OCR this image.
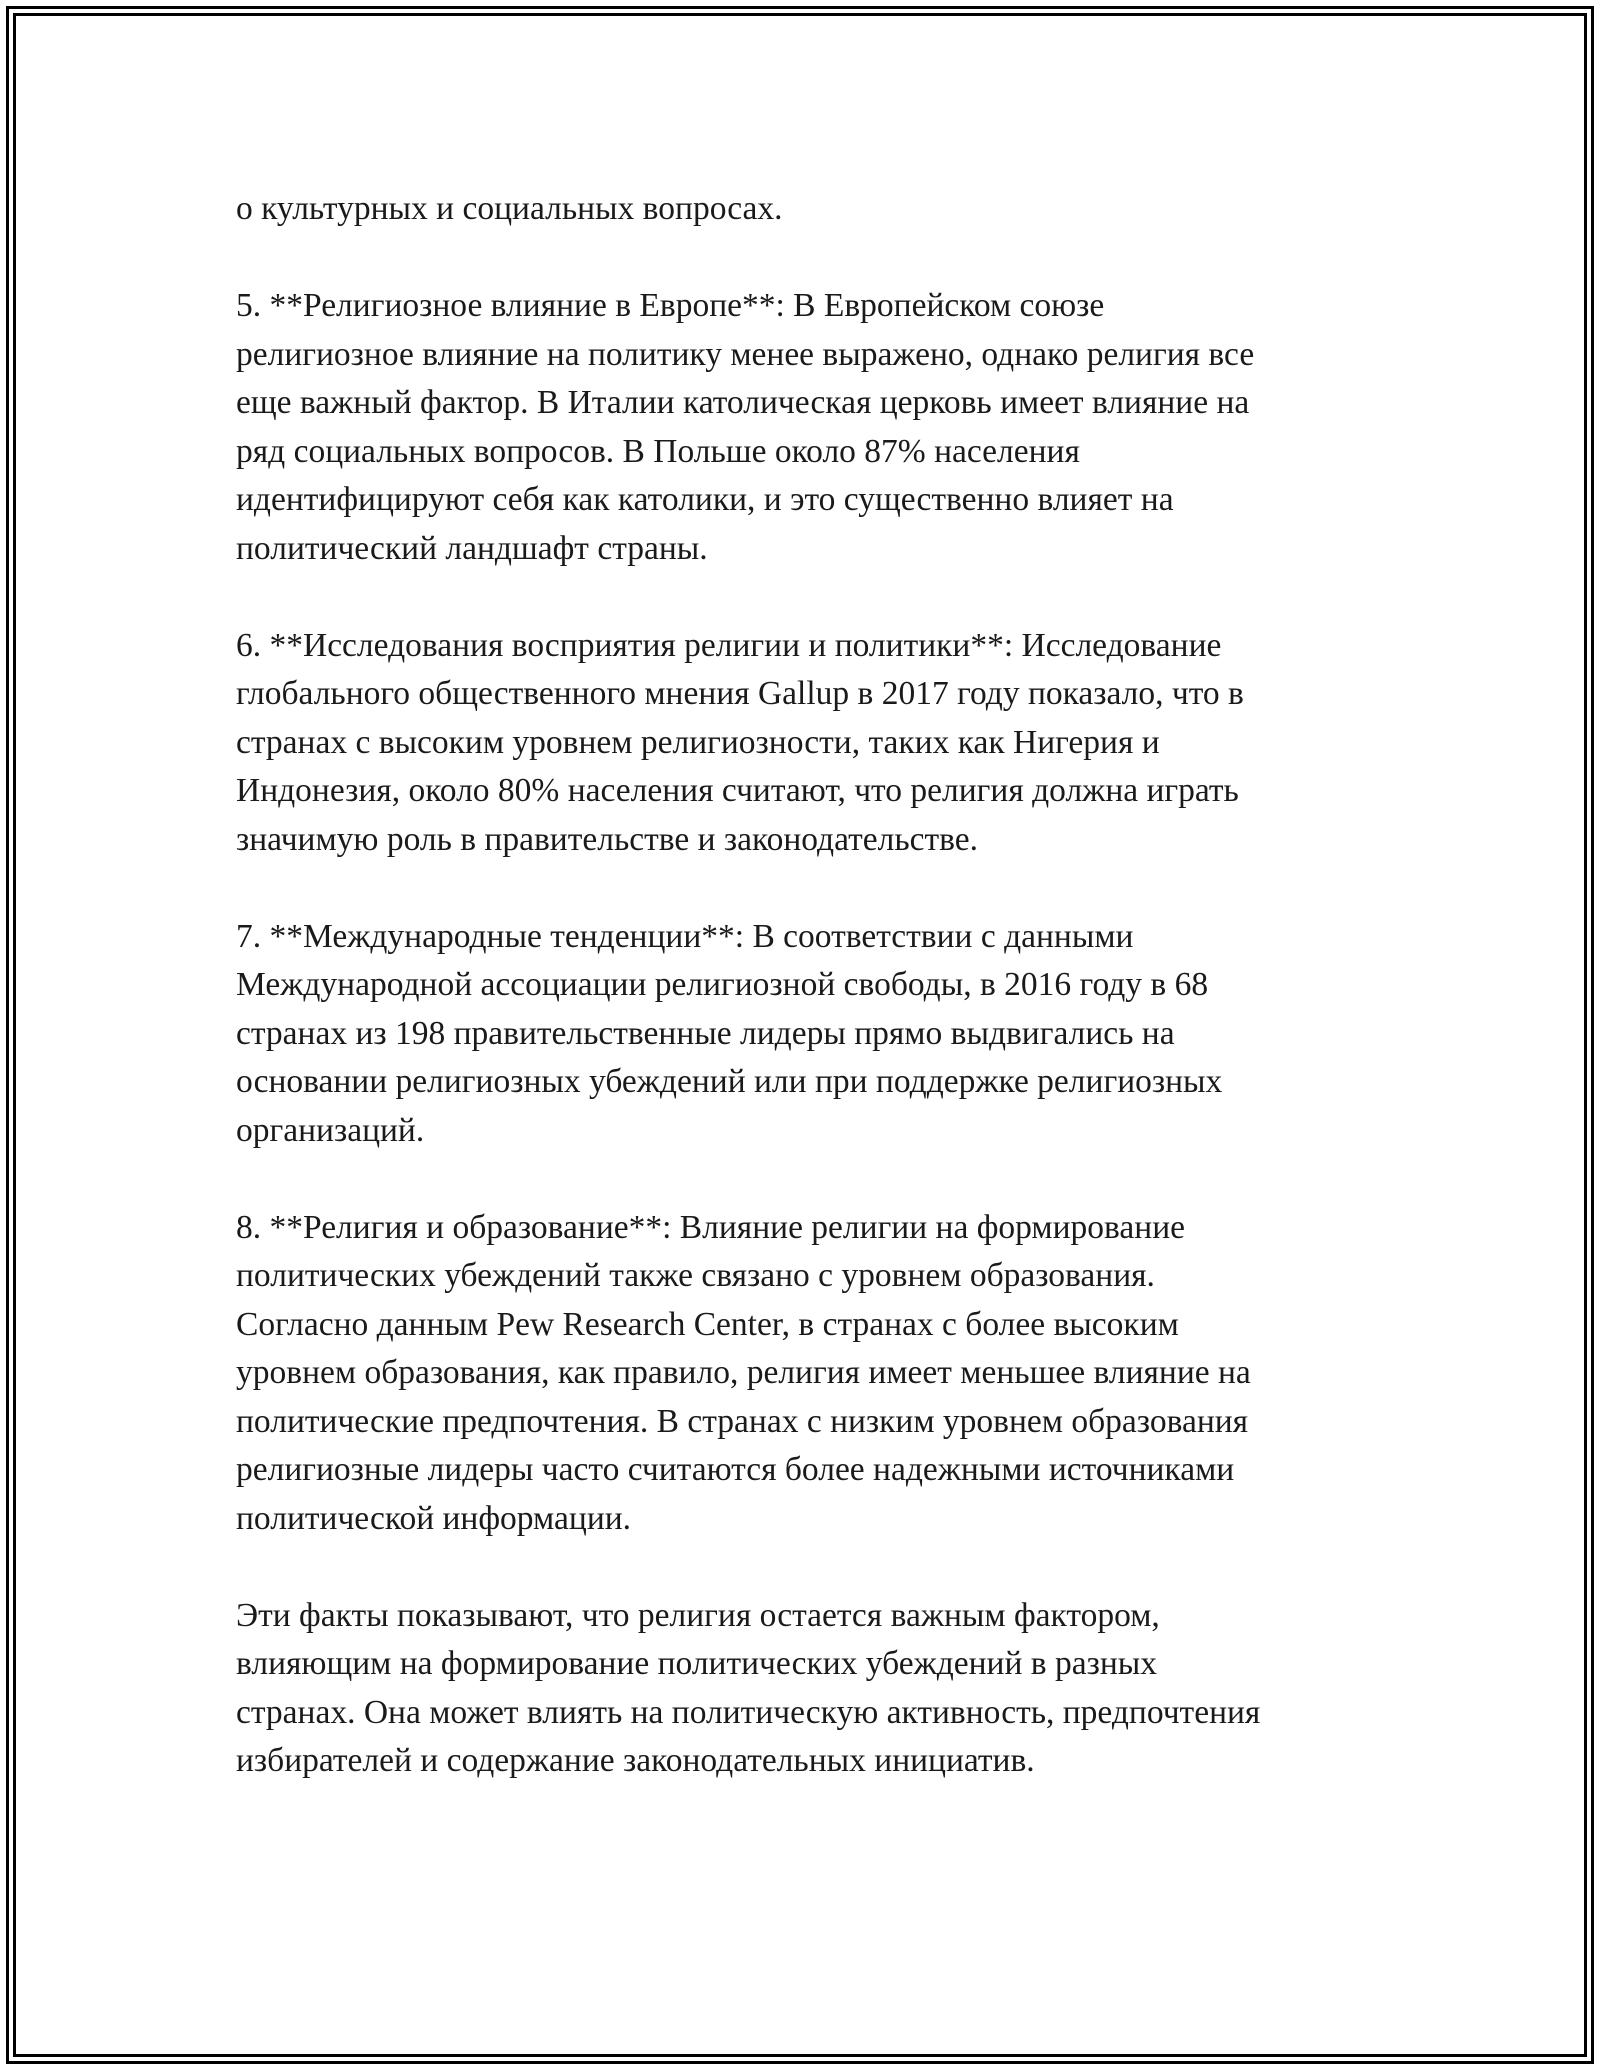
о культурных и социальных вопросах.

5. **Религиозное влияние в Европе**: В Европейском союзе
религиозное влияние на политику менее выражено, однако религия все
еще важный фактор. В Италии католическая церковь имеет влияние на
ряд социальных вопросов. В Польше около 87% населения
идентифицируют себя как католики, и это существенно влияет на
политический ландшафт страны.

6. **Исследования восприятия религии и политики**: Исследование
глобального общественного мнения Gallup в 2017 году показало, что в
странах с высоким уровнем религиозности, таких как Нигерия и
Индонезия, около 80% населения считают, что религия должна играть
значимую роль в правительстве и законодательстве.

7. **Международные тенденции**: В соответствии с данными
Международной ассоциации религиозной свободы, в 2016 году в 68
странах из 198 правительственные лидеры прямо выдвигались на
основании религиозных убеждений или при поддержке религиозных
организаций.

8. **Религия и образование**: Влияние религии на формирование
политических убеждений также связано с уровнем образования.
Согласно данным Pew Research Center, в странах с более высоким
уровнем образования, как правило, религия имеет меньшее влияние на
политические предпочтения. В странах с низким уровнем образования
религиозные лидеры часто считаются более надежными источниками
политической информации.

Эти факты показывают, что религия остается важным фактором,
влияющим на формирование политических убеждений в разных
странах. Она может влиять на политическую активность, предпочтения
избирателей и содержание законодательных инициатив.
